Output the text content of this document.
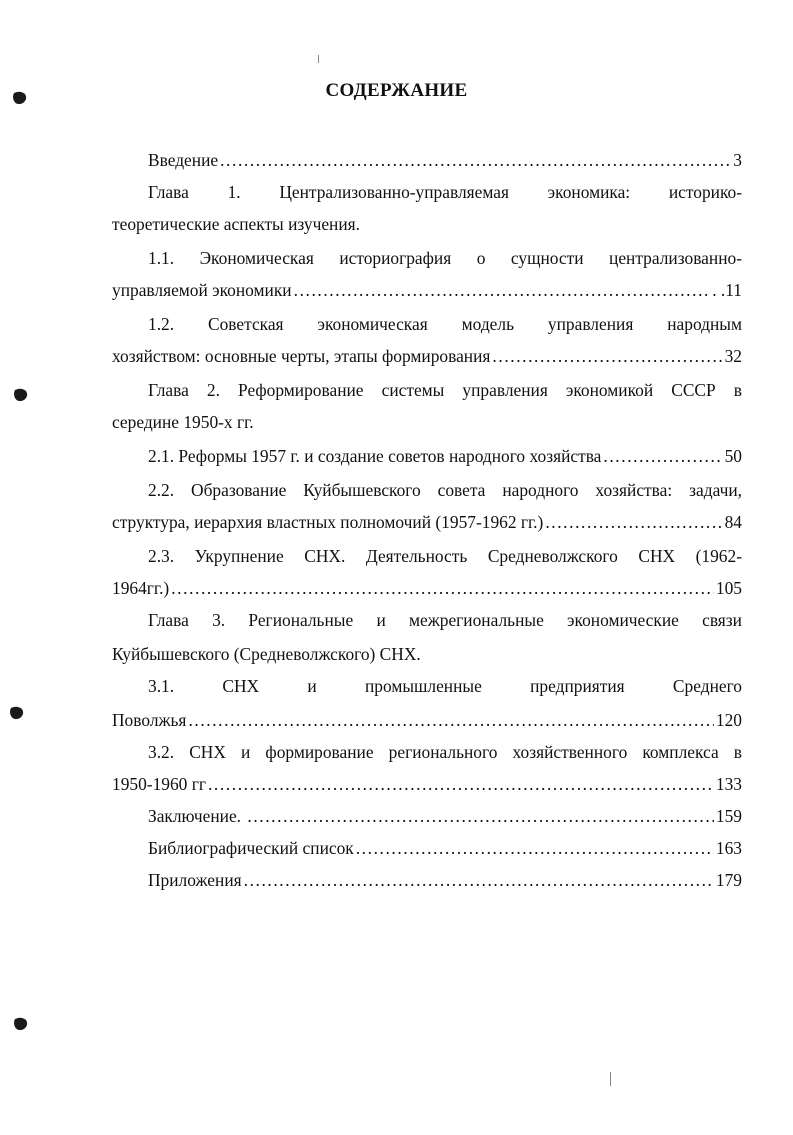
СОДЕРЖАНИЕ
Введение .....	3
Глава 1. Централизованно-управляемая экономика: историко-
теоретические аспекты изучения.
1.1. Экономическая историография о сущности централизованно-
управляемой экономики .....	. .11
1.2. Советская экономическая модель управления народным
хозяйством: основные черты, этапы формирования .....	32
Глава 2. Реформирование системы управления экономикой СССР в
середине 1950-х гг.
2.1. Реформы 1957 г. и создание советов народного хозяйства .....	50
2.2. Образование Куйбышевского совета народного хозяйства: задачи,
структура, иерархия властных полномочий (1957-1962 гг.) .....	84
2.3. Укрупнение СНХ. Деятельность Средневолжского СНХ (1962-
1964гг.) .....	105
Глава 3. Региональные и межрегиональные экономические связи
Куйбышевского (Средневолжского) СНХ.
3.1. СНХ и промышленные предприятия Среднего
Поволжья .....	120
3.2. СНХ и формирование регионального хозяйственного комплекса в
1950-1960 гг .....	133
Заключение. .....	159
Библиографический список .....	163
Приложения .....	179
